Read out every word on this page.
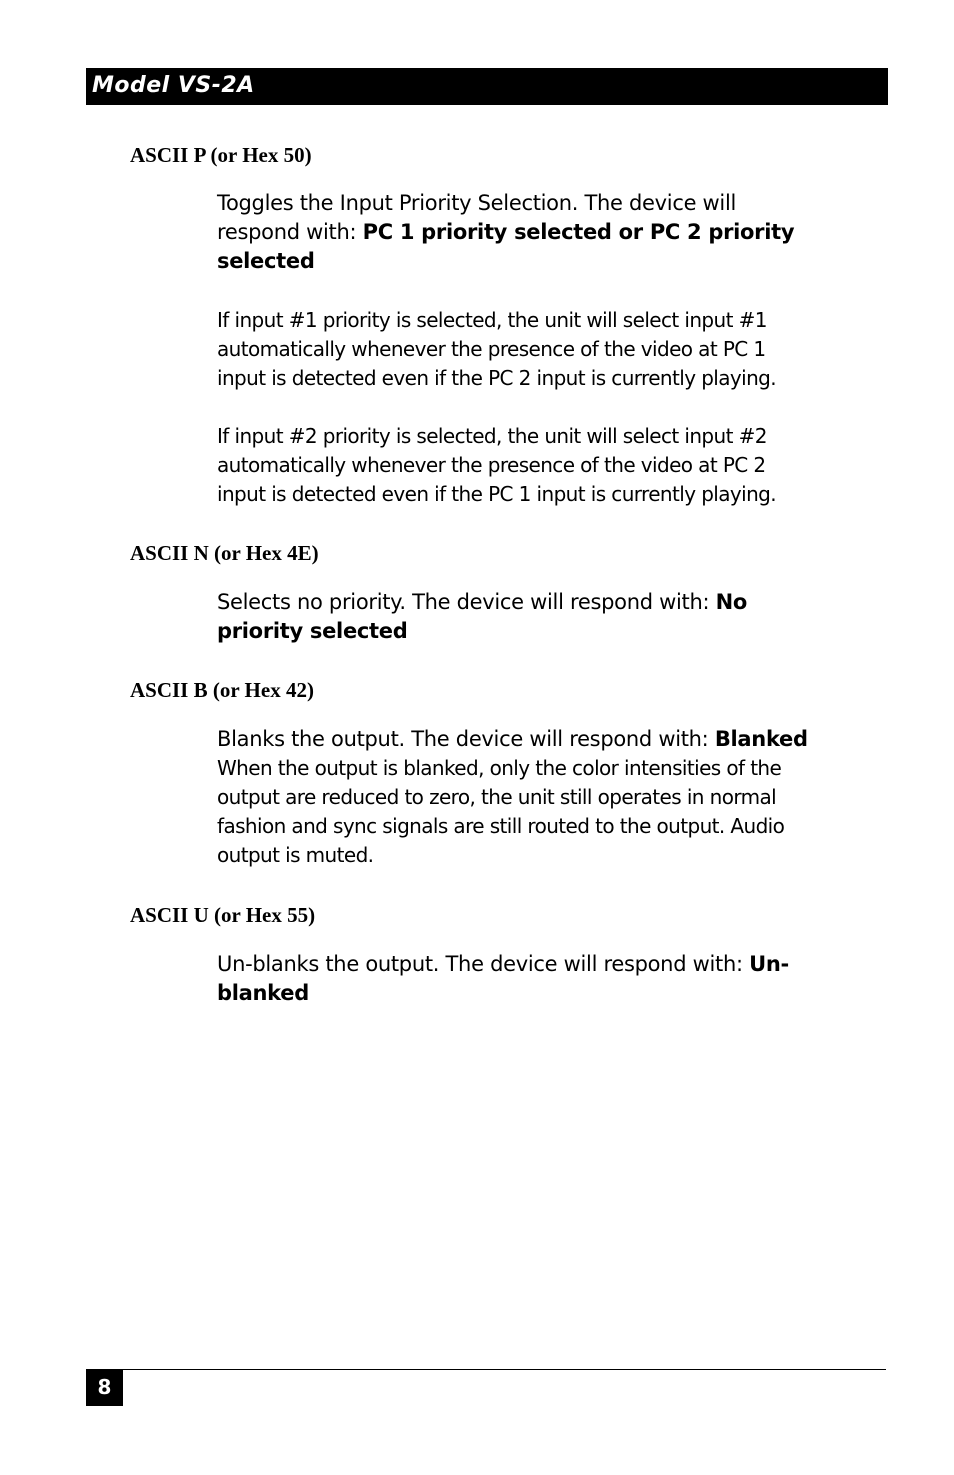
Model VS-2A
ASCII P (or Hex 50)
Toggles the Input Priority Selection. The device will
respond with: PC 1 priority selected or PC 2 priority
selected
If input #1 priority is selected, the unit will select input #1
automatically whenever the presence of the video at PC 1
input is detected even if the PC 2 input is currently playing.
If input #2 priority is selected, the unit will select input #2
automatically whenever the presence of the video at PC 2
input is detected even if the PC 1 input is currently playing.
ASCII N (or Hex 4E)
Selects no priority. The device will respond with: No
priority selected
ASCII B (or Hex 42)
Blanks the output. The device will respond with: Blanked
When the output is blanked, only the color intensities of the
output are reduced to zero, the unit still operates in normal
fashion and sync signals are still routed to the output. Audio
output is muted.
ASCII U (or Hex 55)
Un-blanks the output. The device will respond with: Un-
blanked
8
